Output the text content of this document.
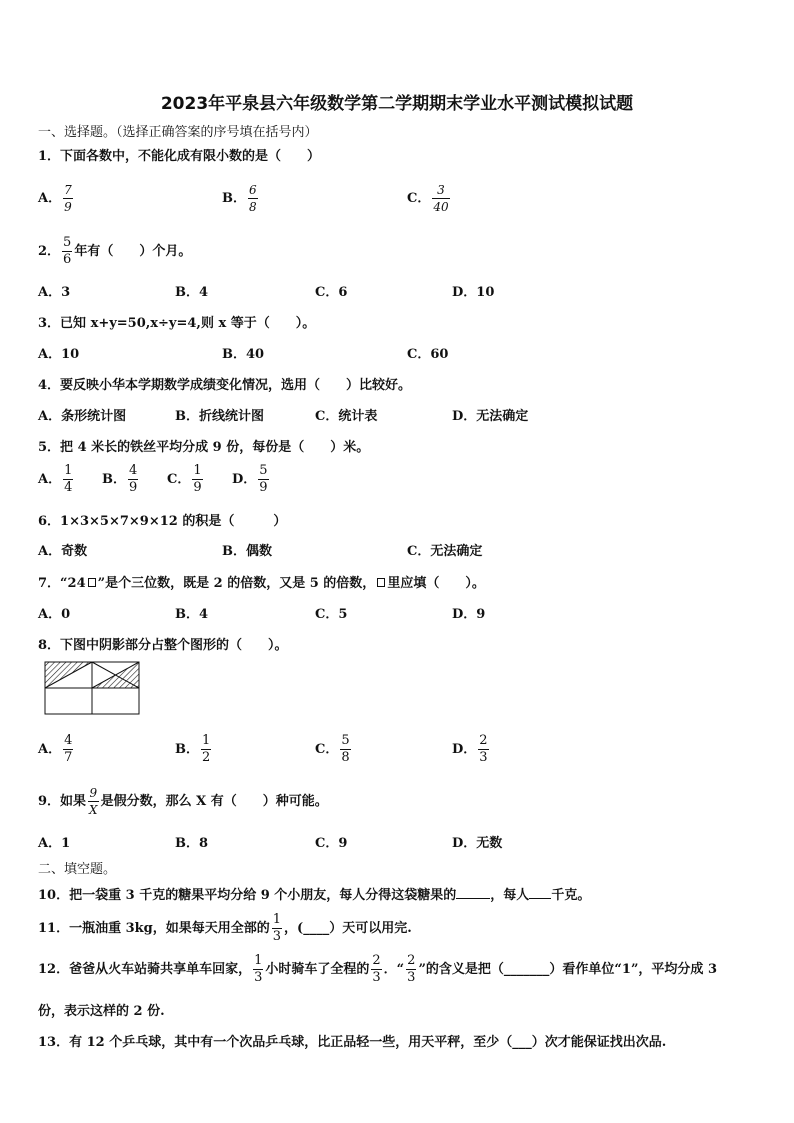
2023年平泉县六年级数学第二学期期末学业水平测试模拟试题
一、选择题。（选择正确答案的序号填在括号内）
1．下面各数中，不能化成有限小数的是（　　）
A． $\frac{7}{9}$	B． $\frac{6}{8}$	C． $\frac{3}{40}$
2． $\frac{5}{6}$ 年有（　　）个月。
A．3	B．4	C．6	D．10
3．已知 x+y=50,x÷y=4,则 x 等于（　　）。
A．10	B．40	C．60
4．要反映小华本学期数学成绩变化情况，选用（　　）比较好。
A．条形统计图	B．折线统计图	C．统计表	D．无法确定
5．把 4 米长的铁丝平均分成 9 份，每份是（　　）米。
A． $\frac{1}{4}$ B． $\frac{4}{9}$ C． $\frac{1}{9}$ D． $\frac{5}{9}$
6．1×3×5×7×9×12 的积是（　　　）
A．奇数	B．偶数	C．无法确定
7．“24 ”是个三位数，既是 2 的倍数，又是 5 的倍数， 里应填（　　）。
A．0	B．4	C．5	D．9
8．下图中阴影部分占整个图形的（　　）。
A． $\frac{4}{7}$	B． $\frac{1}{2}$	C． $\frac{5}{8}$	D． $\frac{2}{3}$
9．如果 $\frac{9}{X}$ 是假分数，那么 X 有（　　）种可能。
A．1	B．8	C．9	D．无数
二、填空题。
10．把一袋重 3 千克的糖果平均分给 9 个小朋友，每人分得这袋糖果的	，每人 千克。
11．一瓶油重 3kg，如果每天用全部的 $\frac{1}{3}$ ，(____）天可以用完.
12．爸爸从火车站骑共享单车回家， $\frac{1}{3}$ 小时骑车了全程的 $\frac{2}{3}$ ．“ $\frac{2}{3}$ ”的含义是把（_______）看作单位“1”，平均分成 3
份，表示这样的 2 份.
13．有 12 个乒乓球，其中有一个次品乒乓球，比正品轻一些，用天平秤，至少（___）次才能保证找出次品.
